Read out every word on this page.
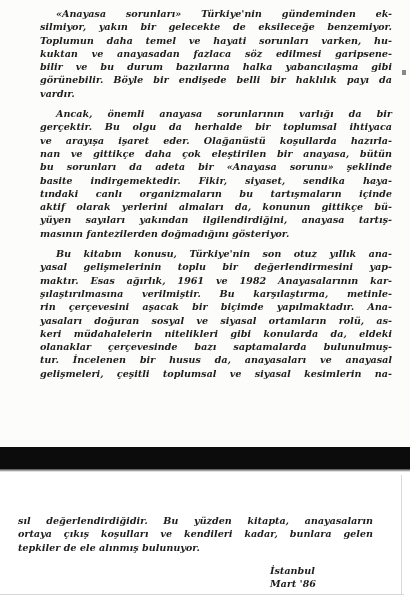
«Anayasa sorunları» Türkiye'nin gündeminden ek-
silmiyor, yakın bir gelecekte de eksileceğe benzemiyor.
Toplumun daha temel ve hayati sorunları varken, hu-
kuktan ve anayasadan fazlaca söz edilmesi garipsene-
bilir ve bu durum bazılarına halka yabancılaşma gibi
görünebilir. Böyle bir endişede belli bir haklılık payı da
vardır.
Ancak, önemli anayasa sorunlarının varlığı da bir
gerçektir. Bu olgu da herhalde bir toplumsal ihtiyaca
ve arayışa işaret eder. Olağanüstü koşullarda hazırla-
nan ve gittikçe daha çok eleştirilen bir anayasa, bütün
bu sorunları da adeta bir «Anayasa sorunu» şeklinde
basite indirgemektedir. Fikir, siyaset, sendika haya-
tındaki canlı organizmaların bu tartışmaların içinde
aktif olarak yerlerini almaları da, konunun gittikçe bü-
yüyen sayıları yakından ilgilendirdiğini, anayasa tartış-
masının fantezilerden doğmadığını gösteriyor.
Bu kitabın konusu, Türkiye'nin son otuz yıllık ana-
yasal gelişmelerinin toplu bir değerlendirmesini yap-
maktır. Esas ağırlık, 1961 ve 1982 Anayasalarının kar-
şılaştırılmasına verilmiştir. Bu karşılaştırma, metinle-
rin çerçevesini aşacak bir biçimde yapılmaktadır. Ana-
yasaları doğuran sosyal ve siyasal ortamların rolü, as-
keri müdahalelerin nitelikleri gibi konularda da, eldeki
olanaklar çerçevesinde bazı saptamalarda bulunulmuş-
tur. İncelenen bir husus da, anayasaları ve anayasal
gelişmeleri, çeşitli toplumsal ve siyasal kesimlerin na-
sıl değerlendirdiğidir. Bu yüzden kitapta, anayasaların
ortaya çıkış koşulları ve kendileri kadar, bunlara gelen
tepkiler de ele alınmış bulunuyor.
İstanbul
Mart '86
